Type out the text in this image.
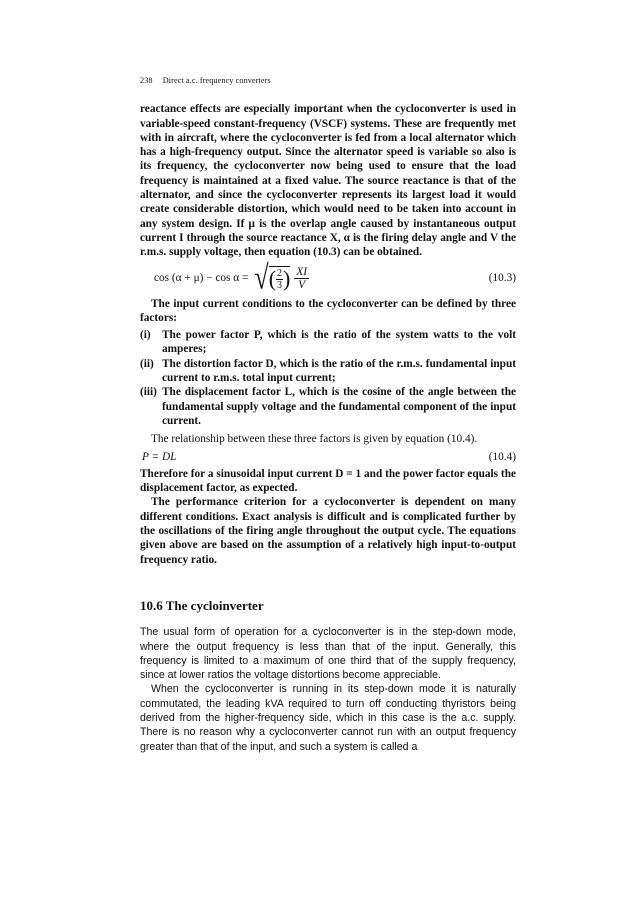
238 Direct a.c. frequency converters

reactance effects are especially important when the cycloconverter is used in variable-speed constant-frequency (VSCF) systems. These are frequently met with in aircraft, where the cycloconverter is fed from a local alternator which has a high-frequency output. Since the alternator speed is variable so also is its frequency, the cycloconverter now being used to ensure that the load frequency is maintained at a fixed value. The source reactance is that of the alternator, and since the cycloconverter represents its largest load it would create considerable distortion, which would need to be taken into account in any system design. If μ is the overlap angle caused by instantaneous output current I through the source reactance X, α is the firing delay angle and V the r.m.s. supply voltage, then equation (10.3) can be obtained.

cos (α + μ) − cos α = √ ( $\frac{2}{3}$ ) $\frac{XI}{V}$	(10.3)

The input current conditions to the cycloconverter can be defined by three factors:

(i)	The power factor P, which is the ratio of the system watts to the volt amperes;
(ii) The distortion factor D, which is the ratio of the r.m.s. fundamental input current to r.m.s. total input current;
(iii) The displacement factor L, which is the cosine of the angle between the fundamental supply voltage and the fundamental component of the input current.

The relationship between these three factors is given by equation (10.4).

P = DL	(10.4)

Therefore for a sinusoidal input current D = 1 and the power factor equals the displacement factor, as expected.

The performance criterion for a cycloconverter is dependent on many different conditions. Exact analysis is difficult and is complicated further by the oscillations of the firing angle throughout the output cycle. The equations given above are based on the assumption of a relatively high input-to-output frequency ratio.

10.6 The cycloinverter

The usual form of operation for a cycloconverter is in the step-down mode, where the output frequency is less than that of the input. Generally, this frequency is limited to a maximum of one third that of the supply frequency, since at lower ratios the voltage distortions become appreciable.

When the cycloconverter is running in its step-down mode it is naturally commutated, the leading kVA required to turn off conducting thyristors being derived from the higher-frequency side, which in this case is the a.c. supply. There is no reason why a cycloconverter cannot run with an output frequency greater than that of the input, and such a system is called a
